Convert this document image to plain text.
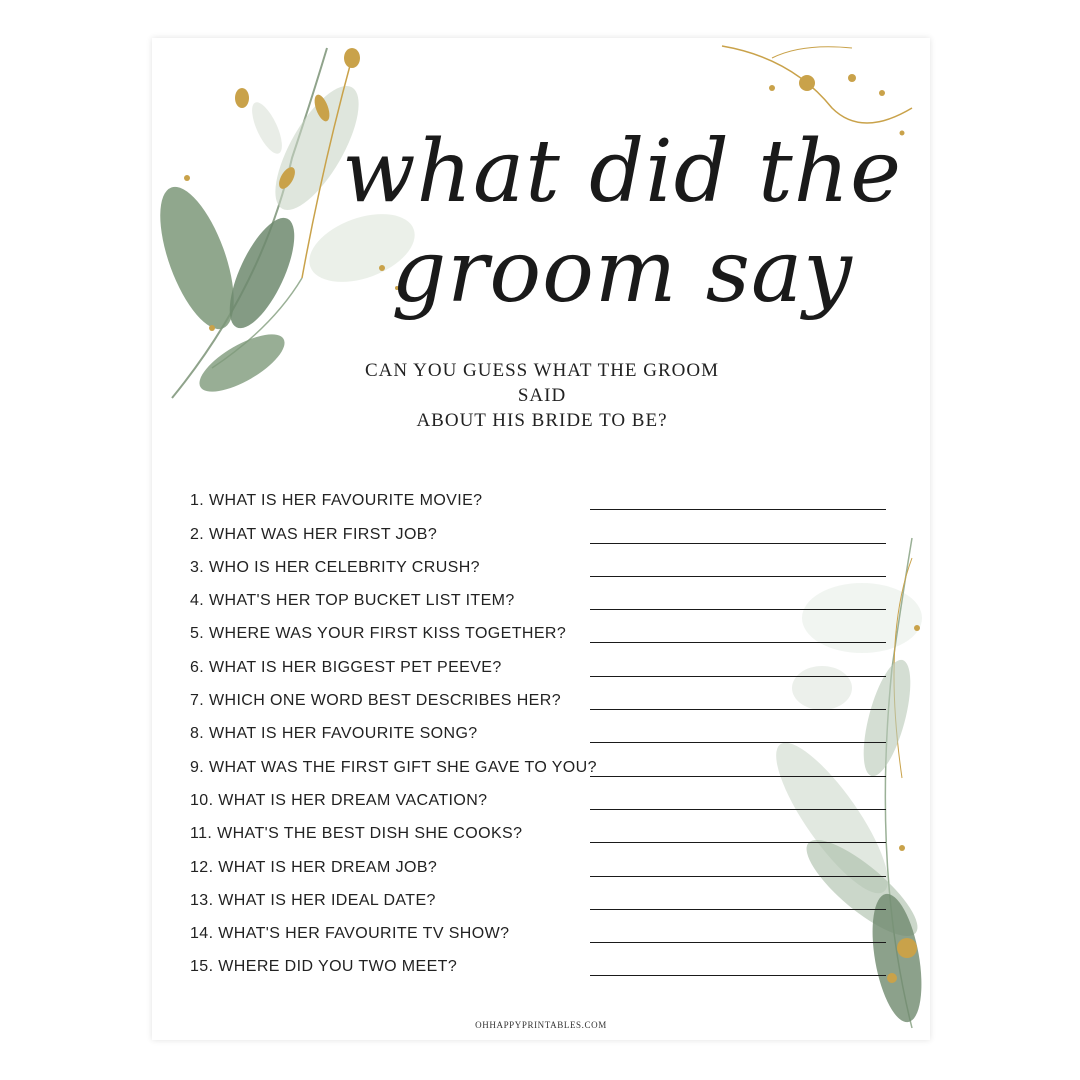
what did the
groom say
CAN YOU GUESS WHAT THE GROOM SAID
ABOUT HIS BRIDE TO BE?
1. WHAT IS HER FAVOURITE MOVIE?
2. WHAT WAS HER FIRST JOB?
3. WHO IS HER CELEBRITY CRUSH?
4. WHAT'S HER TOP BUCKET LIST ITEM?
5. WHERE WAS YOUR FIRST KISS TOGETHER?
6. WHAT IS HER BIGGEST PET PEEVE?
7. WHICH ONE WORD BEST DESCRIBES HER?
8. WHAT IS HER FAVOURITE SONG?
9. WHAT WAS THE FIRST GIFT SHE GAVE TO YOU?
10. WHAT IS HER DREAM VACATION?
11. WHAT'S THE BEST DISH SHE COOKS?
12. WHAT IS HER DREAM JOB?
13. WHAT IS HER IDEAL DATE?
14. WHAT'S HER FAVOURITE TV SHOW?
15. WHERE DID YOU TWO MEET?
OHHAPPYPRINTABLES.COM
